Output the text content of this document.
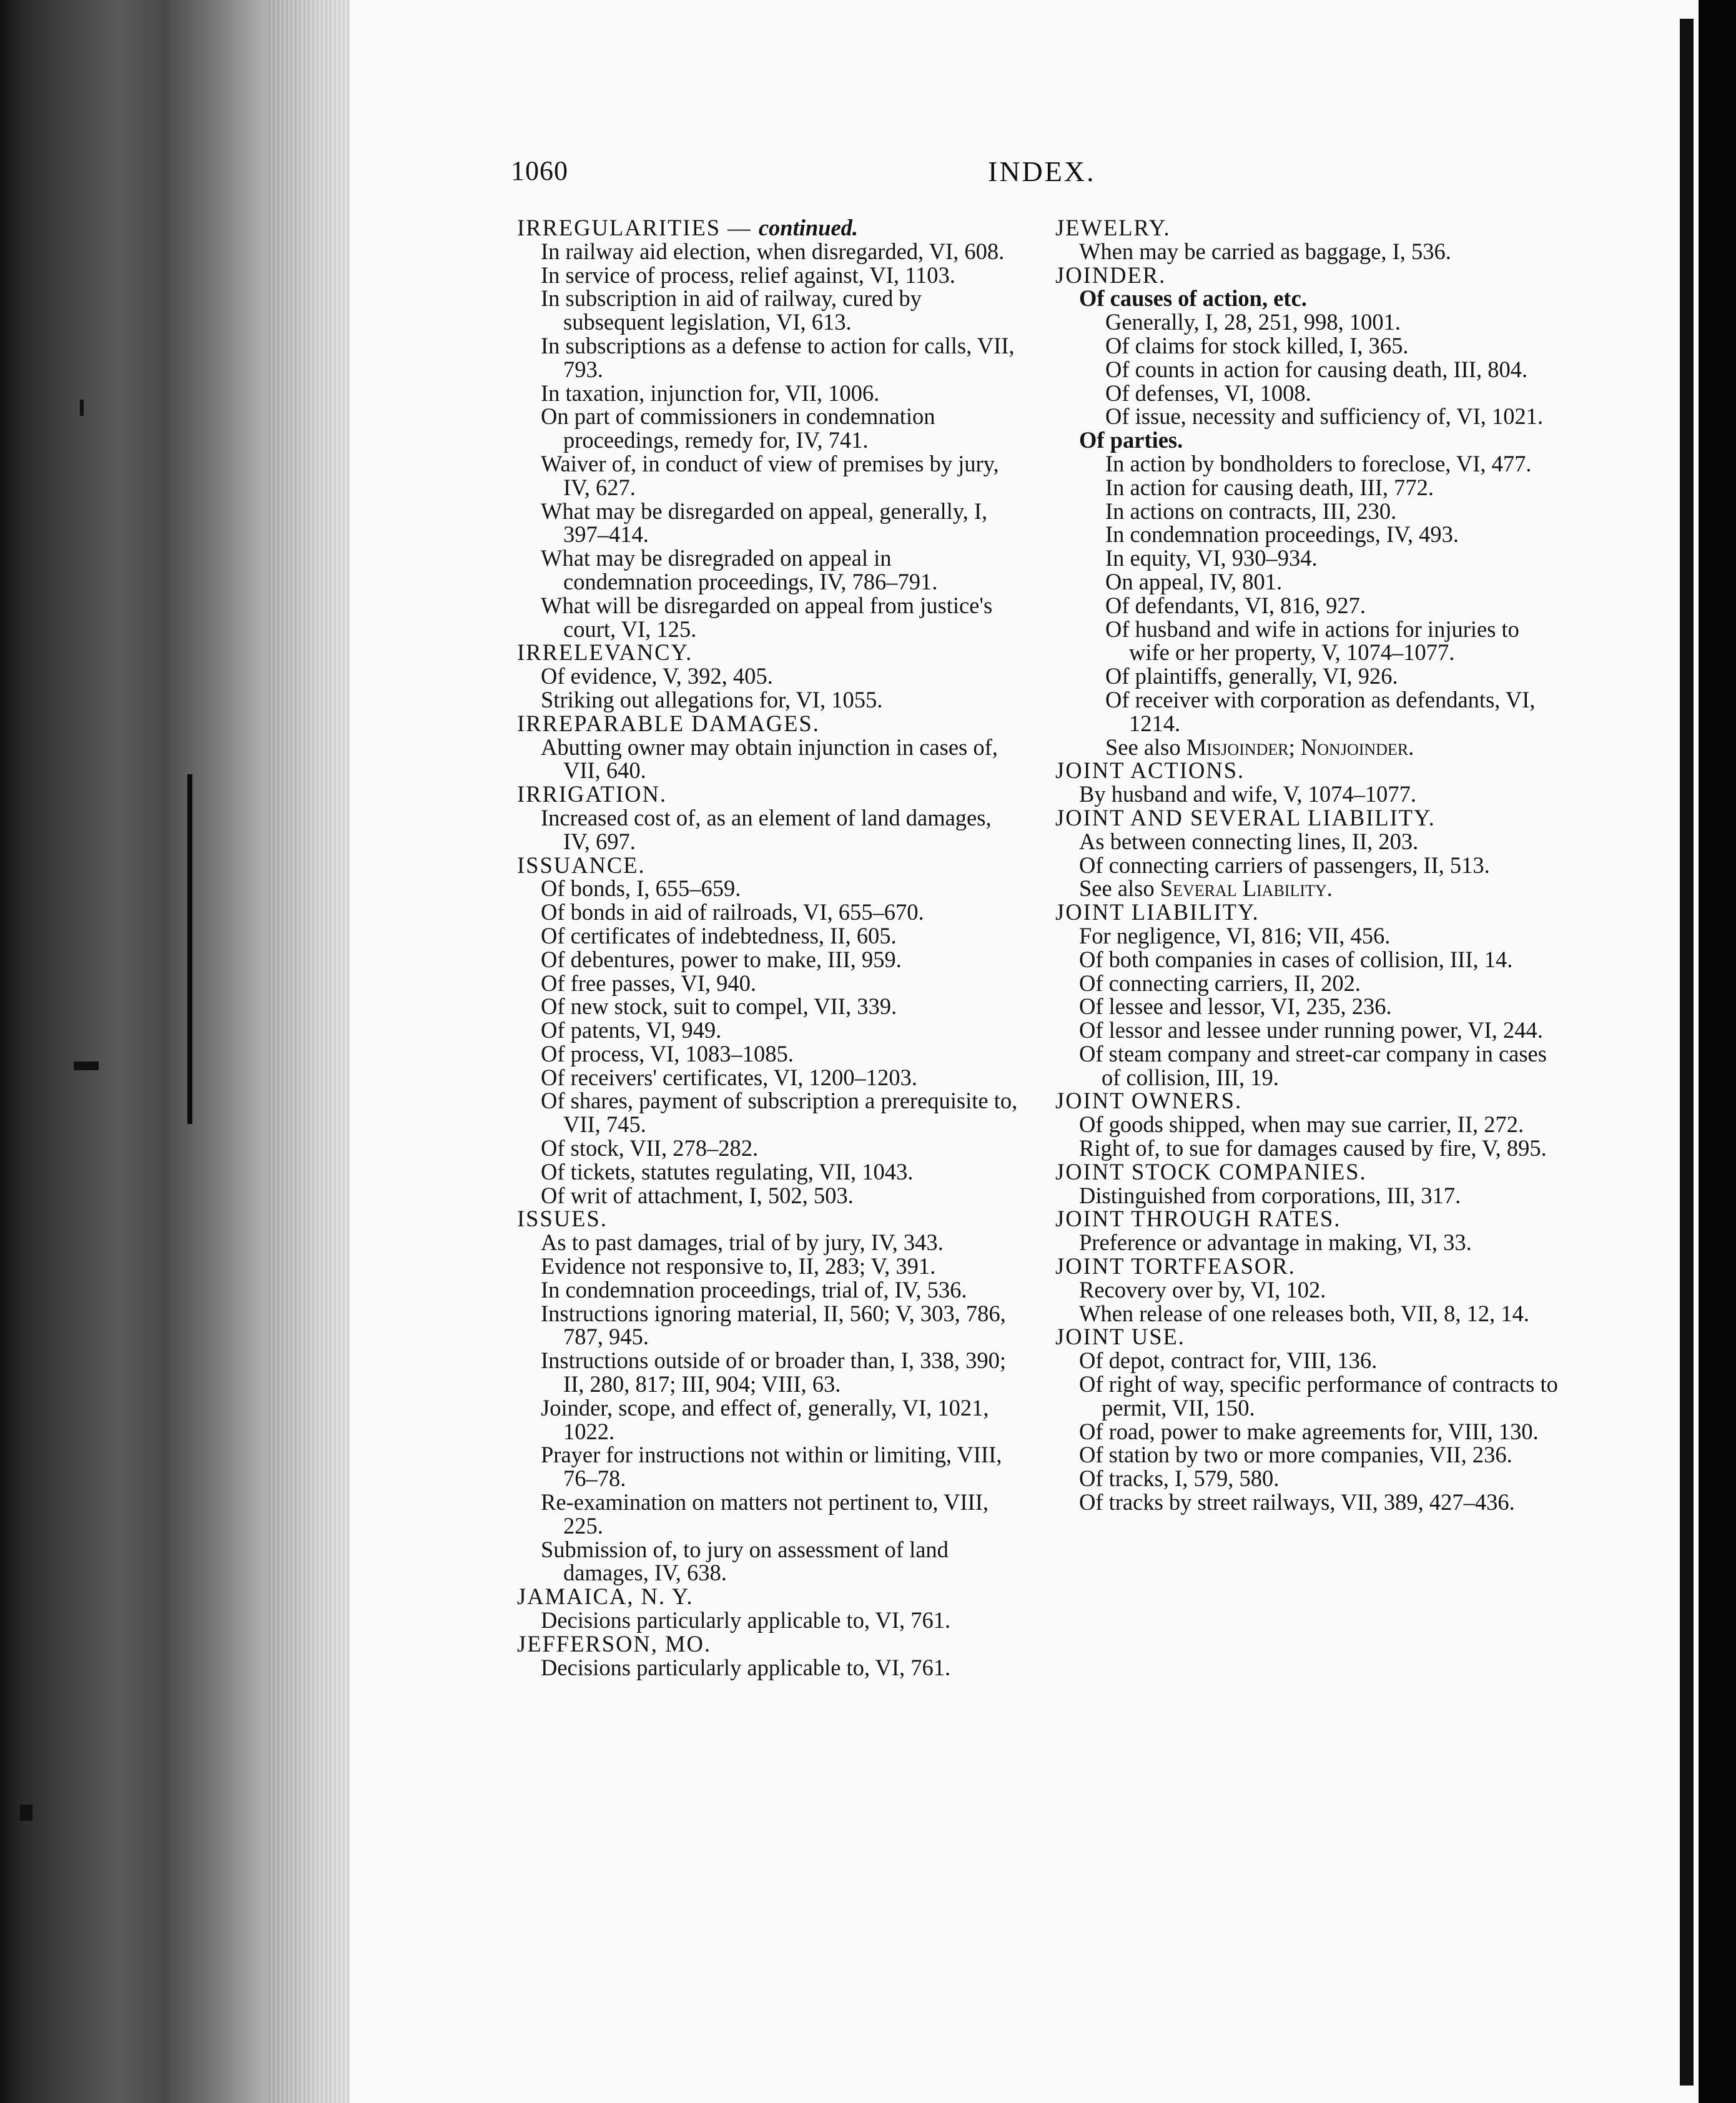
1060	INDEX.

IRREGULARITIES — continued.

In railway aid election, when disregarded, VI, 608.

In service of process, relief against, VI, 1103.

In subscription in aid of railway, cured by subsequent legislation, VI, 613.

In subscriptions as a defense to action for calls, VII, 793.

In taxation, injunction for, VII, 1006.

On part of commissioners in condemnation proceedings, remedy for, IV, 741.

Waiver of, in conduct of view of premises by jury, IV, 627.

What may be disregarded on appeal, generally, I, 397–414.

What may be disregraded on appeal in condemnation proceedings, IV, 786–791.

What will be disregarded on appeal from justice's court, VI, 125.

IRRELEVANCY.

Of evidence, V, 392, 405.

Striking out allegations for, VI, 1055.

IRREPARABLE DAMAGES.

Abutting owner may obtain injunction in cases of, VII, 640.

IRRIGATION.

Increased cost of, as an element of land damages, IV, 697.

ISSUANCE.

Of bonds, I, 655–659.

Of bonds in aid of railroads, VI, 655–670.

Of certificates of indebtedness, II, 605.

Of debentures, power to make, III, 959.

Of free passes, VI, 940.

Of new stock, suit to compel, VII, 339.

Of patents, VI, 949.

Of process, VI, 1083–1085.

Of receivers' certificates, VI, 1200–1203.

Of shares, payment of subscription a prerequisite to, VII, 745.

Of stock, VII, 278–282.

Of tickets, statutes regulating, VII, 1043.

Of writ of attachment, I, 502, 503.

ISSUES.

As to past damages, trial of by jury, IV, 343.

Evidence not responsive to, II, 283; V, 391.

In condemnation proceedings, trial of, IV, 536.

Instructions ignoring material, II, 560; V, 303, 786, 787, 945.

Instructions outside of or broader than, I, 338, 390; II, 280, 817; III, 904; VIII, 63.

Joinder, scope, and effect of, generally, VI, 1021, 1022.

Prayer for instructions not within or limiting, VIII, 76–78.

Re-examination on matters not pertinent to, VIII, 225.

Submission of, to jury on assessment of land damages, IV, 638.

JAMAICA, N. Y.

Decisions particularly applicable to, VI, 761.

JEFFERSON, MO.

Decisions particularly applicable to, VI, 761.

JEWELRY.

When may be carried as baggage, I, 536.

JOINDER.

Of causes of action, etc.

Generally, I, 28, 251, 998, 1001.

Of claims for stock killed, I, 365.

Of counts in action for causing death, III, 804.

Of defenses, VI, 1008.

Of issue, necessity and sufficiency of, VI, 1021.

Of parties.

In action by bondholders to foreclose, VI, 477.

In action for causing death, III, 772.

In actions on contracts, III, 230.

In condemnation proceedings, IV, 493.

In equity, VI, 930–934.

On appeal, IV, 801.

Of defendants, VI, 816, 927.

Of husband and wife in actions for injuries to wife or her property, V, 1074–1077.

Of plaintiffs, generally, VI, 926.

Of receiver with corporation as defendants, VI, 1214.

See also Misjoinder; Nonjoinder.

JOINT ACTIONS.

By husband and wife, V, 1074–1077.

JOINT AND SEVERAL LIABILITY.

As between connecting lines, II, 203.

Of connecting carriers of passengers, II, 513.

See also Several Liability.

JOINT LIABILITY.

For negligence, VI, 816; VII, 456.

Of both companies in cases of collision, III, 14.

Of connecting carriers, II, 202.

Of lessee and lessor, VI, 235, 236.

Of lessor and lessee under running power, VI, 244.

Of steam company and street-car company in cases of collision, III, 19.

JOINT OWNERS.

Of goods shipped, when may sue carrier, II, 272.

Right of, to sue for damages caused by fire, V, 895.

JOINT STOCK COMPANIES.

Distinguished from corporations, III, 317.

JOINT THROUGH RATES.

Preference or advantage in making, VI, 33.

JOINT TORTFEASOR.

Recovery over by, VI, 102.

When release of one releases both, VII, 8, 12, 14.

JOINT USE.

Of depot, contract for, VIII, 136.

Of right of way, specific performance of contracts to permit, VII, 150.

Of road, power to make agreements for, VIII, 130.

Of station by two or more companies, VII, 236.

Of tracks, I, 579, 580.

Of tracks by street railways, VII, 389, 427–436.
